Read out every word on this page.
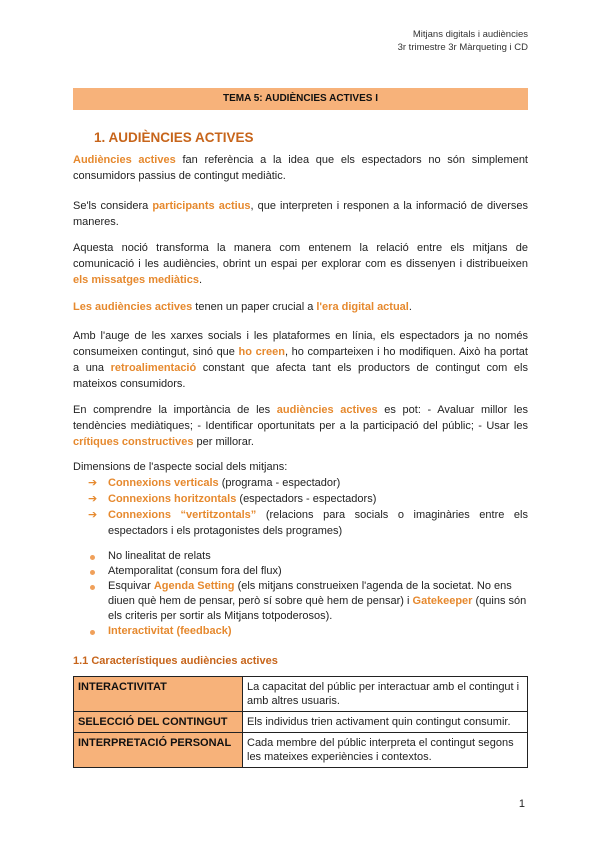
Mitjans digitals i audiències
3r trimestre 3r Màrqueting i CD
TEMA 5: AUDIÈNCIES ACTIVES I
1. AUDIÈNCIES ACTIVES

Audiències actives fan referència a la idea que els espectadors no són simplement consumidors passius de contingut mediàtic.

Se'ls considera participants actius, que interpreten i responen a la informació de diverses maneres.

Aquesta noció transforma la manera com entenem la relació entre els mitjans de comunicació i les audiències, obrint un espai per explorar com es dissenyen i distribueixen els missatges mediàtics.

Les audiències actives tenen un paper crucial a l'era digital actual.

Amb l'auge de les xarxes socials i les plataformes en línia, els espectadors ja no només consumeixen contingut, sinó que ho creen, ho comparteixen i ho modifiquen. Això ha portat a una retroalimentació constant que afecta tant els productors de contingut com els mateixos consumidors.

En comprendre la importància de les audiències actives es pot: - Avaluar millor les tendències mediàtiques; - Identificar oportunitats per a la participació del públic; - Usar les crítiques constructives per millorar.

Dimensions de l'aspecte social dels mitjans:

➔ Connexions verticals (programa - espectador)
➔ Connexions horitzontals (espectadors - espectadors)
➔ Connexions “vertitzontals” (relacions para socials o imaginàries entre els espectadors i els protagonistes dels programes)
No linealitat de relats
Atemporalitat (consum fora del flux)
Esquivar Agenda Setting (els mitjans construeixen l'agenda de la societat. No ens diuen què hem de pensar, però sí sobre què hem de pensar) i Gatekeeper (quins són els criteris per sortir als Mitjans totpoderosos).
Interactivitat (feedback)
1.1 Característiques audiències actives
INTERACTIVITAT	La capacitat del públic per interactuar amb el contingut i amb altres usuaris.
SELECCIÓ DEL CONTINGUT	Els individus trien activament quin contingut consumir.
INTERPRETACIÓ PERSONAL	Cada membre del públic interpreta el contingut segons les mateixes experiències i contextos.
1
